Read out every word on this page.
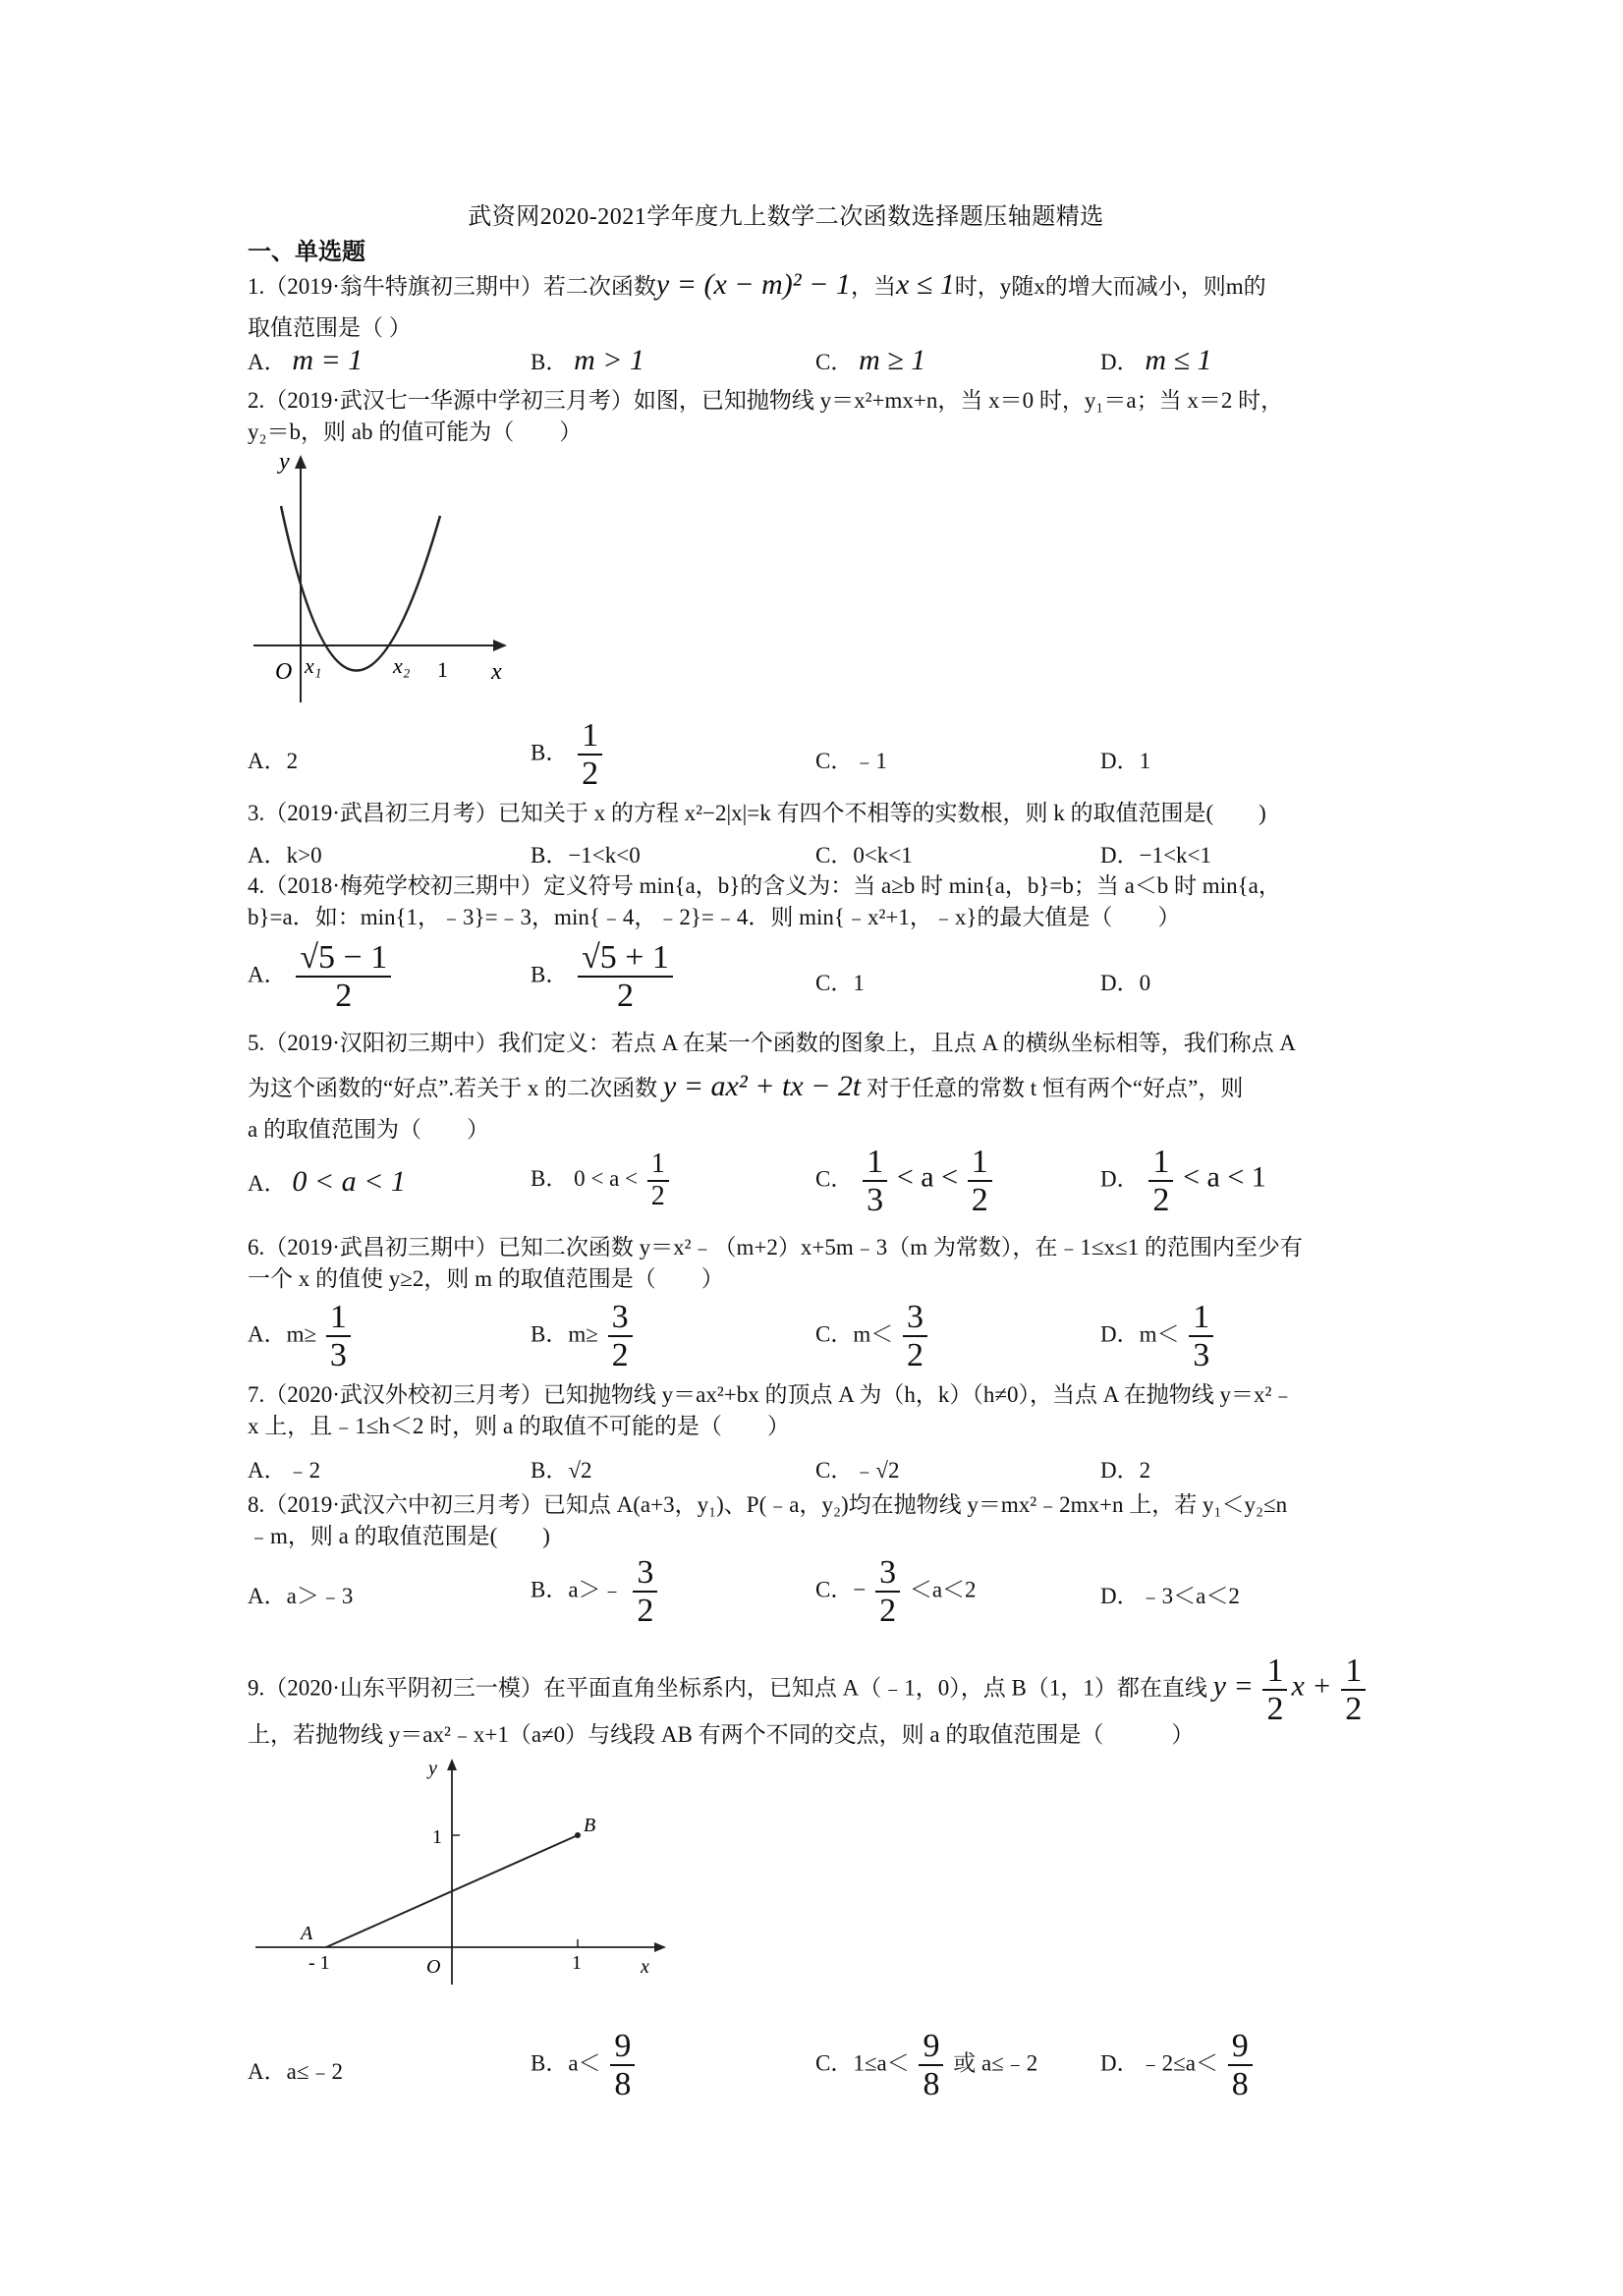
武资网2020-2021学年度九上数学二次函数选择题压轴题精选
一、单选题
1.（2019·翁牛特旗初三期中）若二次函数y = (x − m)² − 1，当x ≤ 1时，y随x的增大而减小，则m的
取值范围是（ ）
A． m = 1	B． m > 1	C． m ≥ 1	D． m ≤ 1
2.（2019·武汉七一华源中学初三月考）如图，已知抛物线 y＝x²+mx+n，当 x＝0 时，y₁＝a；当 x＝2 时，
y₂＝b，则 ab 的值可能为（　　）
y
x
O x₁	x₂ 1
A．2	B． $\frac{1}{2}$	C．﹣1	D．1
3.（2019·武昌初三月考）已知关于 x 的方程 x²−2|x|=k 有四个不相等的实数根，则 k 的取值范围是(　　)
A．k>0	B．−1<k<0	C．0<k<1	D．−1<k<1
4.（2018·梅苑学校初三期中）定义符号 min{a，b}的含义为：当 a≥b 时 min{a，b}=b；当 a＜b 时 min{a，
b}=a．如：min{1，﹣3}=﹣3，min{﹣4，﹣2}=﹣4．则 min{﹣x²+1，﹣x}的最大值是（　　）
A． $\frac{√5 - 1}{2}$	B． $\frac{√5 + 1}{2}$	C．1	D．0
5.（2019·汉阳初三期中）我们定义：若点 A 在某一个函数的图象上，且点 A 的横纵坐标相等，我们称点 A
为这个函数的“好点”.若关于 x 的二次函数 y = ax² + tx − 2t 对于任意的常数 t 恒有两个“好点”，则
a 的取值范围为（　　）
A． 0 < a < 1	B． $0 < a < \frac{1}{2}$	C． $\frac{1}{3} < a < \frac{1}{2}$	D． $\frac{1}{2} < a < 1$
6.（2019·武昌初三期中）已知二次函数 y＝x²﹣（m+2）x+5m﹣3（m 为常数），在﹣1≤x≤1 的范围内至少有
一个 x 的值使 y≥2，则 m 的取值范围是（　　）
A．$m\ge \frac{1}{3}$	B．$m\ge \frac{3}{2}$	C．$m< \frac{3}{2}$	D．$m< \frac{1}{3}$
7.（2020·武汉外校初三月考）已知抛物线 y＝ax²+bx 的顶点 A 为（h，k）（h≠0），当点 A 在抛物线 y＝x²﹣
x 上，且﹣1≤h＜2 时，则 a 的取值不可能的是（　　）
A．﹣2	B．√2	C．﹣√2	D．2
8.（2019·武汉六中初三月考）已知点 A(a+3，y₁)、P(﹣a，y₂)均在抛物线 y＝mx²﹣2mx+n 上，若 y₁＜y₂≤n
﹣m，则 a 的取值范围是(　　)
A．a＞﹣3	B．a＞﹣ $\frac{3}{2}$	C．− $\frac{3}{2} <a<2$	D．﹣3＜a＜2
9.（2020·山东平阴初三一模）在平面直角坐标系内，已知点 A（﹣1，0），点 B（1，1）都在直线 $y = \frac{1}{2}$ $x + \frac{1}{2}$
上，若抛物线 y＝ax²﹣x+1（a≠0）与线段 AB 有两个不同的交点，则 a 的取值范围是（　　　）
y
x
O
A
B
1
1
- 1
A．a≤﹣2	B．$a< \frac{9}{8}$	C．$1\le a< \frac{9}{8}$ 或 a≤﹣2	D．﹣2≤a＜ $\frac{9}{8}$
